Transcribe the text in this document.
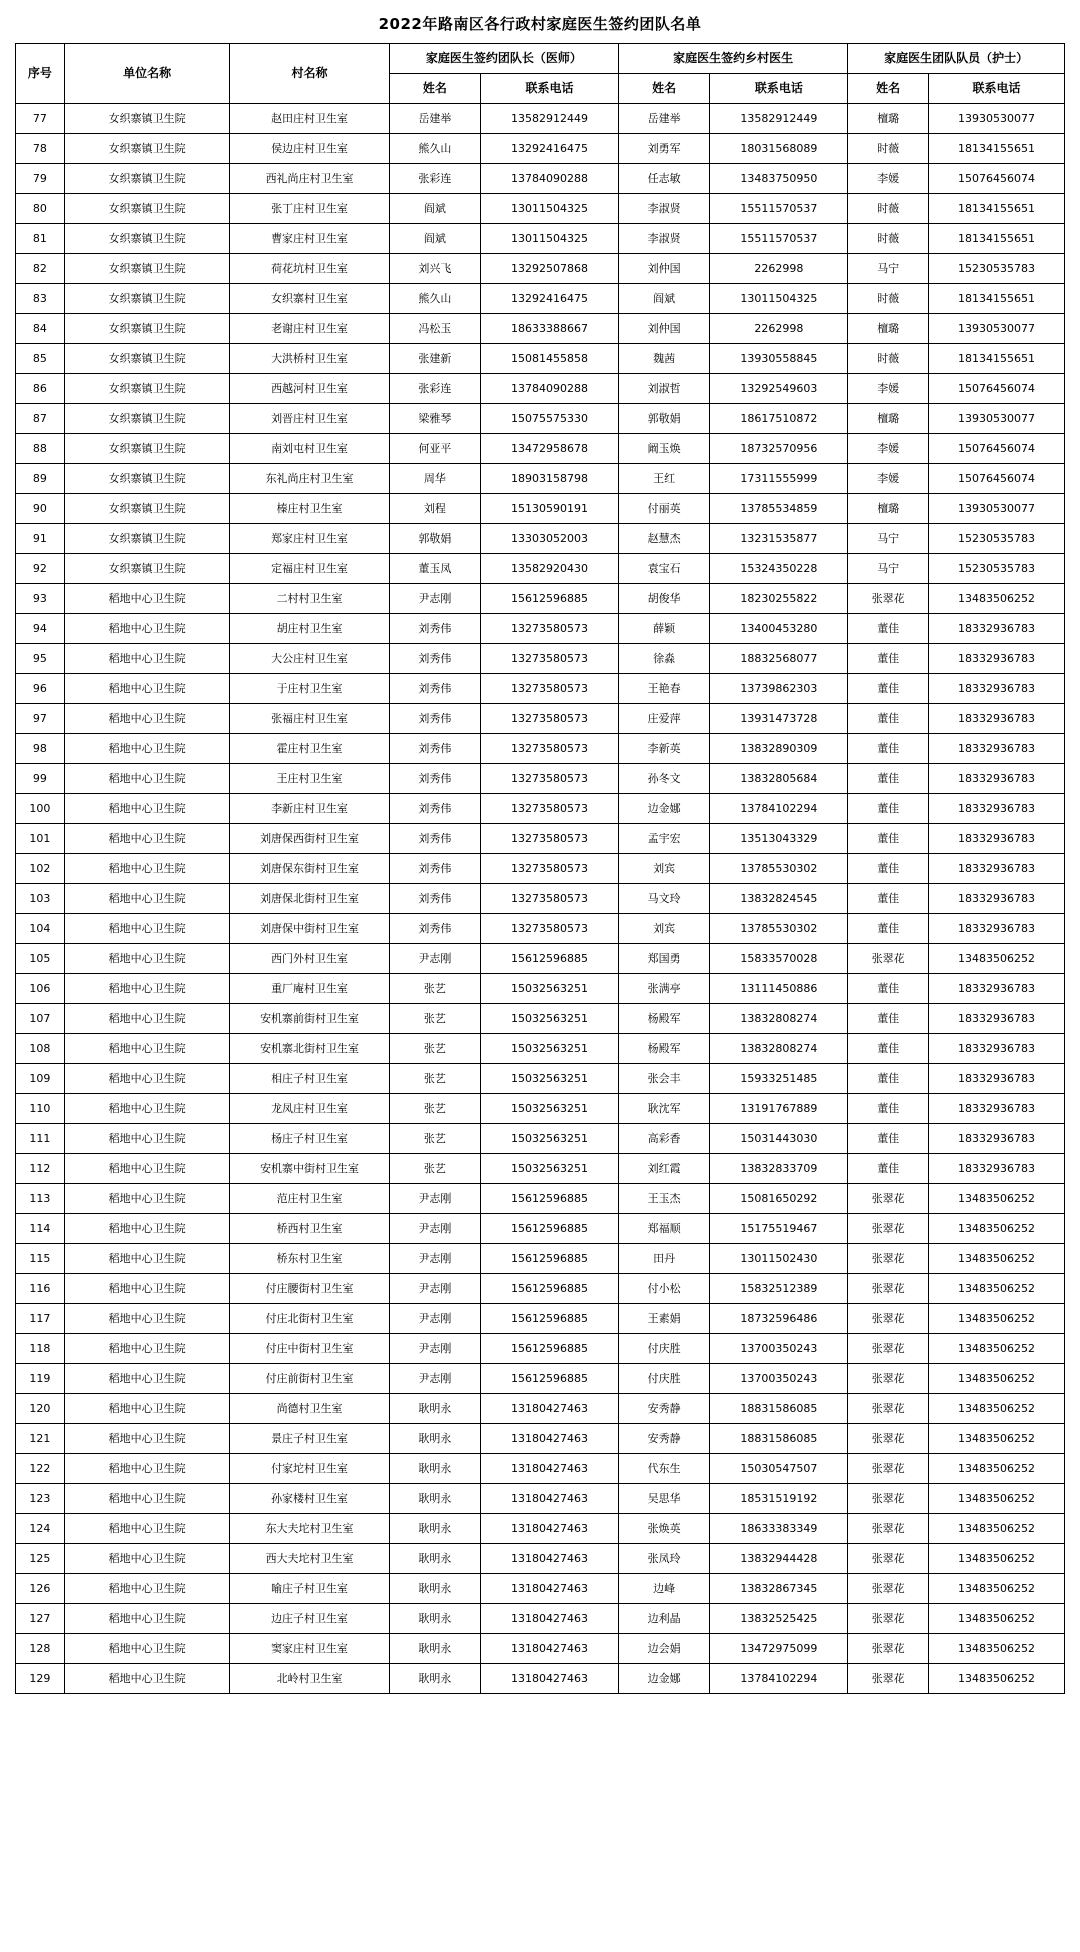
2022年路南区各行政村家庭医生签约团队名单
序号	单位名称	村名称	家庭医生签约团队长（医师）		家庭医生签约乡村医生		家庭医生团队队员（护士）	
			姓名	联系电话	姓名	联系电话	姓名	联系电话
77	女织寨镇卫生院	赵田庄村卫生室	岳建举	13582912449	岳建举	13582912449	檀璐	13930530077
78	女织寨镇卫生院	侯边庄村卫生室	熊久山	13292416475	刘勇军	18031568089	时薇	18134155651
79	女织寨镇卫生院	西礼尚庄村卫生室	张彩连	13784090288	任志敏	13483750950	李媛	15076456074
80	女织寨镇卫生院	张丁庄村卫生室	阎斌	13011504325	李淑贤	15511570537	时薇	18134155651
81	女织寨镇卫生院	曹家庄村卫生室	阎斌	13011504325	李淑贤	15511570537	时薇	18134155651
82	女织寨镇卫生院	荷花坑村卫生室	刘兴飞	13292507868	刘仲国	2262998	马宁	15230535783
83	女织寨镇卫生院	女织寨村卫生室	熊久山	13292416475	阎斌	13011504325	时薇	18134155651
84	女织寨镇卫生院	老谢庄村卫生室	冯松玉	18633388667	刘仲国	2262998	檀璐	13930530077
85	女织寨镇卫生院	大洪桥村卫生室	张建新	15081455858	魏茜	13930558845	时薇	18134155651
86	女织寨镇卫生院	西越河村卫生室	张彩连	13784090288	刘淑哲	13292549603	李媛	15076456074
87	女织寨镇卫生院	刘晋庄村卫生室	梁雅琴	15075575330	郭敬娟	18617510872	檀璐	13930530077
88	女织寨镇卫生院	南刘屯村卫生室	何亚平	13472958678	阚玉焕	18732570956	李媛	15076456074
89	女织寨镇卫生院	东礼尚庄村卫生室	周华	18903158798	王红	17311555999	李媛	15076456074
90	女织寨镇卫生院	榛庄村卫生室	刘程	15130590191	付丽英	13785534859	檀璐	13930530077
91	女织寨镇卫生院	郑家庄村卫生室	郭敬娟	13303052003	赵慧杰	13231535877	马宁	15230535783
92	女织寨镇卫生院	定福庄村卫生室	董玉凤	13582920430	袁宝石	15324350228	马宁	15230535783
93	稻地中心卫生院	二村村卫生室	尹志刚	15612596885	胡俊华	18230255822	张翠花	13483506252
94	稻地中心卫生院	胡庄村卫生室	刘秀伟	13273580573	薛颖	13400453280	董佳	18332936783
95	稻地中心卫生院	大公庄村卫生室	刘秀伟	13273580573	徐淼	18832568077	董佳	18332936783
96	稻地中心卫生院	于庄村卫生室	刘秀伟	13273580573	王艳春	13739862303	董佳	18332936783
97	稻地中心卫生院	张福庄村卫生室	刘秀伟	13273580573	庄爱萍	13931473728	董佳	18332936783
98	稻地中心卫生院	霍庄村卫生室	刘秀伟	13273580573	李新英	13832890309	董佳	18332936783
99	稻地中心卫生院	王庄村卫生室	刘秀伟	13273580573	孙冬文	13832805684	董佳	18332936783
100	稻地中心卫生院	李新庄村卫生室	刘秀伟	13273580573	边金娜	13784102294	董佳	18332936783
101	稻地中心卫生院	刘唐保西街村卫生室	刘秀伟	13273580573	孟宇宏	13513043329	董佳	18332936783
102	稻地中心卫生院	刘唐保东街村卫生室	刘秀伟	13273580573	刘宾	13785530302	董佳	18332936783
103	稻地中心卫生院	刘唐保北街村卫生室	刘秀伟	13273580573	马文玲	13832824545	董佳	18332936783
104	稻地中心卫生院	刘唐保中街村卫生室	刘秀伟	13273580573	刘宾	13785530302	董佳	18332936783
105	稻地中心卫生院	西门外村卫生室	尹志刚	15612596885	郑国勇	15833570028	张翠花	13483506252
106	稻地中心卫生院	重厂庵村卫生室	张艺	15032563251	张满亭	13111450886	董佳	18332936783
107	稻地中心卫生院	安机寨前街村卫生室	张艺	15032563251	杨殿军	13832808274	董佳	18332936783
108	稻地中心卫生院	安机寨北街村卫生室	张艺	15032563251	杨殿军	13832808274	董佳	18332936783
109	稻地中心卫生院	相庄子村卫生室	张艺	15032563251	张会丰	15933251485	董佳	18332936783
110	稻地中心卫生院	龙凤庄村卫生室	张艺	15032563251	耿沈军	13191767889	董佳	18332936783
111	稻地中心卫生院	杨庄子村卫生室	张艺	15032563251	高彩香	15031443030	董佳	18332936783
112	稻地中心卫生院	安机寨中街村卫生室	张艺	15032563251	刘红霞	13832833709	董佳	18332936783
113	稻地中心卫生院	范庄村卫生室	尹志刚	15612596885	王玉杰	15081650292	张翠花	13483506252
114	稻地中心卫生院	桥西村卫生室	尹志刚	15612596885	郑福顺	15175519467	张翠花	13483506252
115	稻地中心卫生院	桥东村卫生室	尹志刚	15612596885	田丹	13011502430	张翠花	13483506252
116	稻地中心卫生院	付庄腰街村卫生室	尹志刚	15612596885	付小松	15832512389	张翠花	13483506252
117	稻地中心卫生院	付庄北街村卫生室	尹志刚	15612596885	王素娟	18732596486	张翠花	13483506252
118	稻地中心卫生院	付庄中街村卫生室	尹志刚	15612596885	付庆胜	13700350243	张翠花	13483506252
119	稻地中心卫生院	付庄前街村卫生室	尹志刚	15612596885	付庆胜	13700350243	张翠花	13483506252
120	稻地中心卫生院	尚德村卫生室	耿明永	13180427463	安秀静	18831586085	张翠花	13483506252
121	稻地中心卫生院	景庄子村卫生室	耿明永	13180427463	安秀静	18831586085	张翠花	13483506252
122	稻地中心卫生院	付家坨村卫生室	耿明永	13180427463	代东生	15030547507	张翠花	13483506252
123	稻地中心卫生院	孙家楼村卫生室	耿明永	13180427463	吴思华	18531519192	张翠花	13483506252
124	稻地中心卫生院	东大夫坨村卫生室	耿明永	13180427463	张焕英	18633383349	张翠花	13483506252
125	稻地中心卫生院	西大夫坨村卫生室	耿明永	13180427463	张凤玲	13832944428	张翠花	13483506252
126	稻地中心卫生院	喻庄子村卫生室	耿明永	13180427463	边峰	13832867345	张翠花	13483506252
127	稻地中心卫生院	边庄子村卫生室	耿明永	13180427463	边利晶	13832525425	张翠花	13483506252
128	稻地中心卫生院	窦家庄村卫生室	耿明永	13180427463	边会娟	13472975099	张翠花	13483506252
129	稻地中心卫生院	北岭村卫生室	耿明永	13180427463	边金娜	13784102294	张翠花	13483506252
